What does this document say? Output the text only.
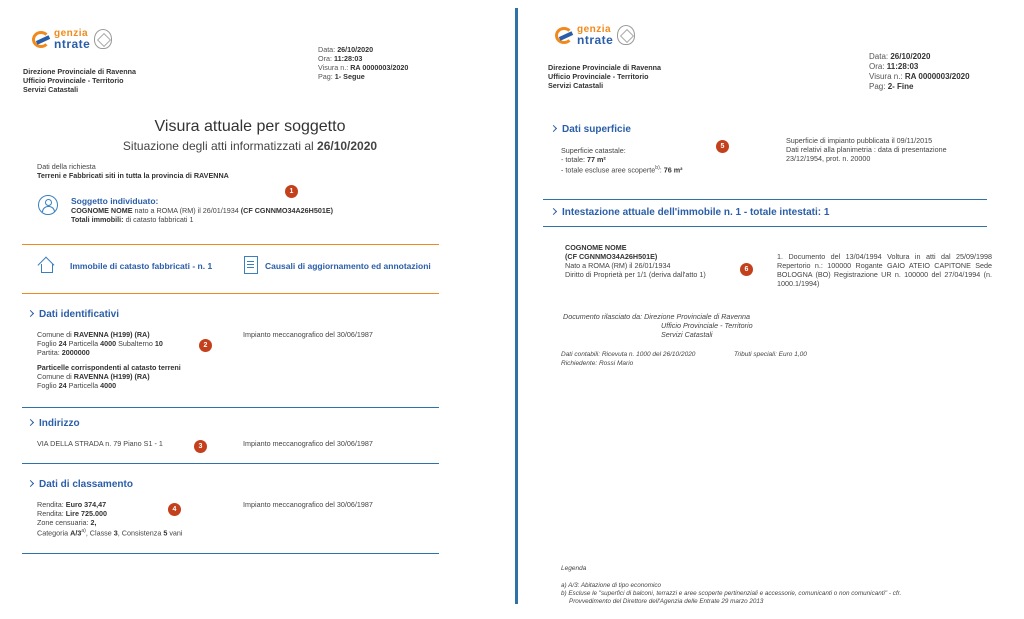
genzia
ntrate
Direzione Provinciale di Ravenna
Ufficio Provinciale - Territorio
Servizi Catastali
Data: 26/10/2020
Ora: 11:28:03
Visura n.: RA 0000003/2020
Pag: 1- Segue
Visura attuale per soggetto
Situazione degli atti informatizzati al 26/10/2020
Dati della richiesta
Terreni e Fabbricati siti in tutta la provincia di RAVENNA
1
Soggetto individuato:
COGNOME NOME nato a ROMA (RM) il 26/01/1934 (CF CGNNMO34A26H501E)
Totali immobili: di catasto fabbricati 1
Immobile di catasto fabbricati - n. 1	Causali di aggiornamento ed annotazioni
Dati identificativi
Comune di RAVENNA (H199) (RA)
Foglio 24 Particella 4000 Subalterno 10
Partita: 2000000
Particelle corrispondenti al catasto terreni
Comune di RAVENNA (H199) (RA)
Foglio 24 Particella 4000
Impianto meccanografico del 30/06/1987
2
Indirizzo
VIA DELLA STRADA n. 79 Piano S1 - 1	Impianto meccanografico del 30/06/1987
3
Dati di classamento
Rendita: Euro 374,47
Rendita: Lire 725.000
Zone censuaria: 2,
Categoria A/3$^{a)}$, Classe 3, Consistenza 5 vani
Impianto meccanografico del 30/06/1987
4
genzia
ntrate
Direzione Provinciale di Ravenna
Ufficio Provinciale - Territorio
Servizi Catastali
Data: 26/10/2020
Ora: 11:28:03
Visura n.: RA 0000003/2020
Pag: 2- Fine
Dati superficie
Superficie catastale:
- totale: 77 m²
- totale escluse aree scoperte$^{b)}$: 76 m²
Superficie di impianto pubblicata il 09/11/2015
Dati relativi alla planimetria : data di presentazione
23/12/1954, prot. n. 20000
5
Intestazione attuale dell'immobile n. 1 - totale intestati: 1
COGNOME NOME
(CF CGNNMO34A26H501E)
Nato a ROMA (RM) il 26/01/1934
Diritto di Proprietà per 1/1 (deriva dall'atto 1)
6
1. Documento del 13/04/1994 Voltura in atti dal 25/09/1998 Repertorio n.: 100000 Rogante GAIO ATEIO CAPITONE Sede BOLOGNA (BO) Registrazione UR n. 100000 del 27/04/1994 (n. 1000.1/1994)
Documento rilasciato da: Direzione Provinciale di Ravenna
Ufficio Provinciale - Territorio
Servizi Catastali
Dati contabili: Ricevuta n. 1000 del 26/10/2020	Tributi speciali: Euro 1,00
Richiedente: Rossi Mario
Legenda
a) A/3: Abitazione di tipo economico
b) Escluse le "superfici di balconi, terrazzi e aree scoperte pertinenziali e accessorie, comunicanti o non comunicanti" - cfr.
Provvedimento del Direttore dell'Agenzia delle Entrate 29 marzo 2013
